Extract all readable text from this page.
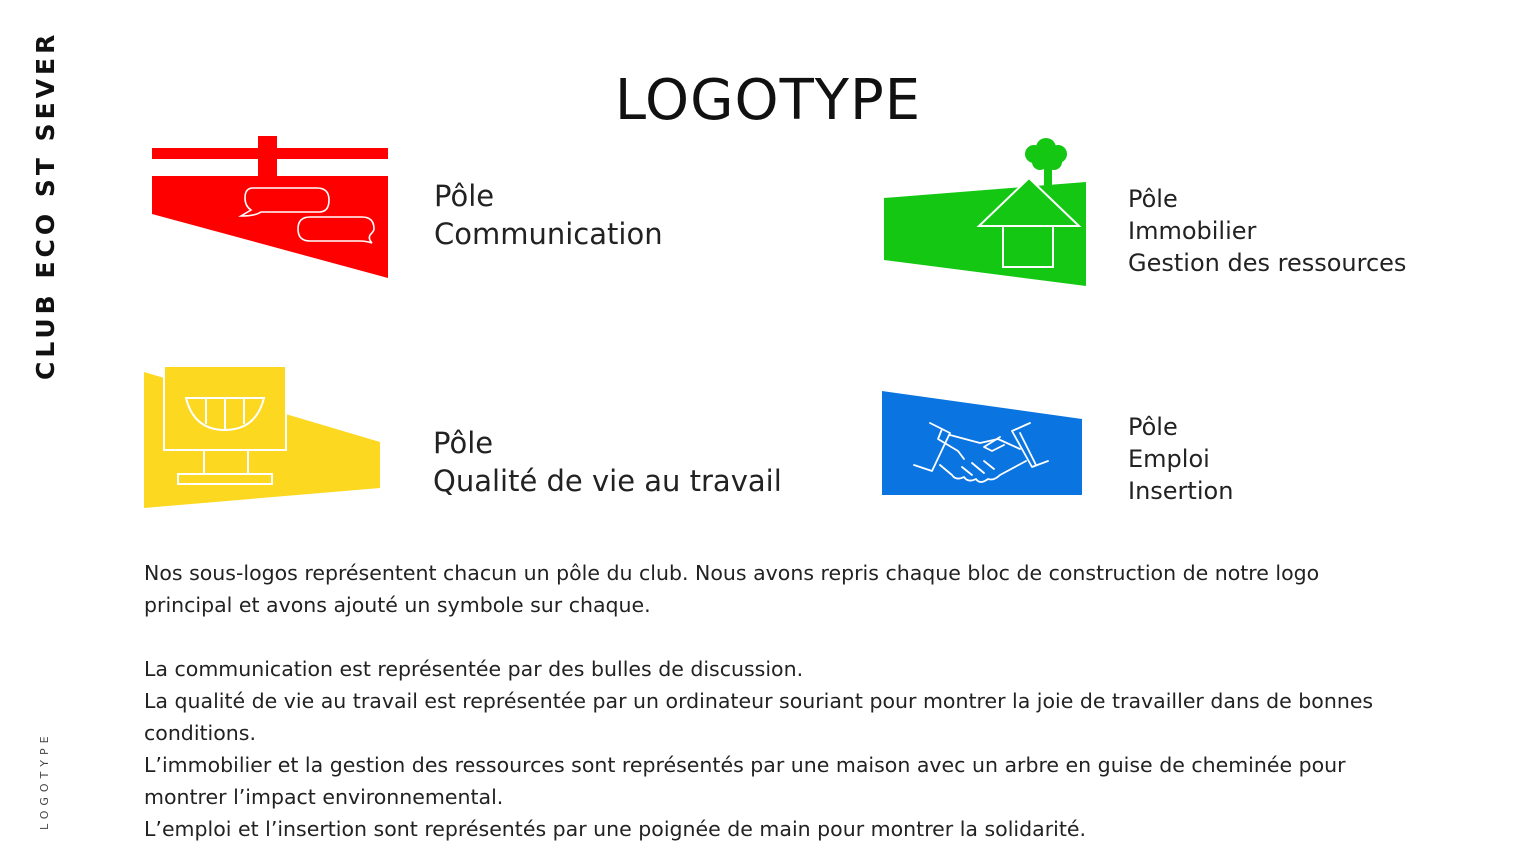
CLUB ECO ST SEVER
LOGOTYPE
LOGOTYPE
Pôle
Communication
Pôle
Immobilier
Gestion des ressources
Pôle
Qualité de vie au travail
Pôle
Emploi
Insertion

Nos sous-logos représentent chacun un pôle du club. Nous avons repris chaque bloc de construction de notre logo

principal et avons ajouté un symbole sur chaque.

La communication est représentée par des bulles de discussion.

La qualité de vie au travail est représentée par un ordinateur souriant pour montrer la joie de travailler dans de bonnes

conditions.

L’immobilier et la gestion des ressources sont représentés par une maison avec un arbre en guise de cheminée pour

montrer l’impact environnemental.

L’emploi et l’insertion sont représentés par une poignée de main pour montrer la solidarité.
